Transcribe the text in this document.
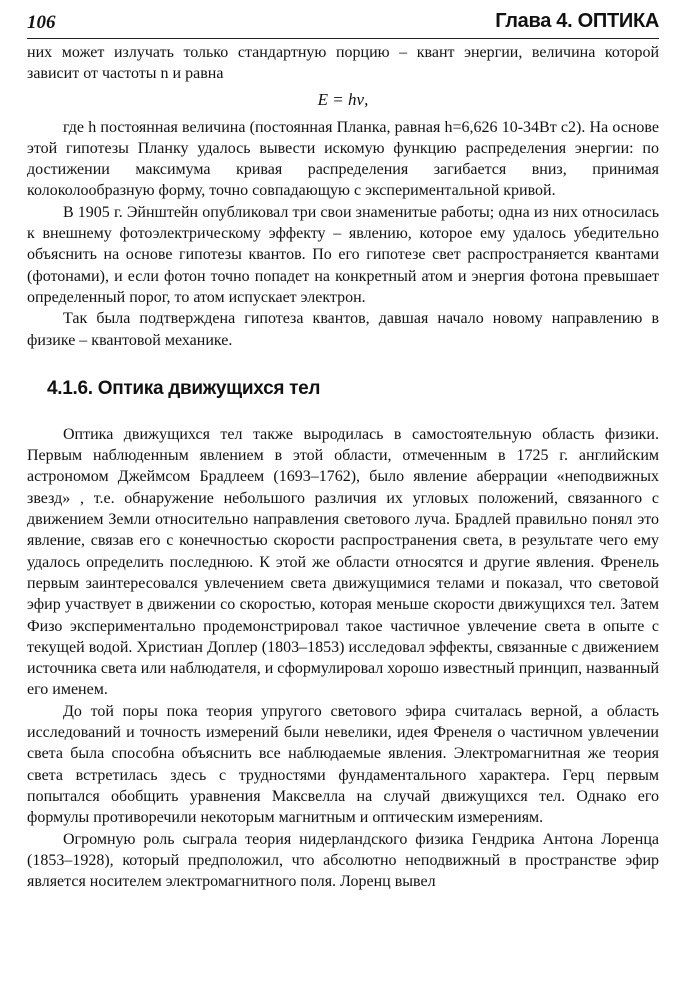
106	Глава 4. ОПТИКА

них может излучать только стандартную порцию – квант энергии, величина которой зависит от частоты n и равна

E = hν,

где h постоянная величина (постоянная Планка, равная h=6,626 10-34Вт с2). На основе этой гипотезы Планку удалось вывести искомую функцию распределения энергии: по достижении максимума кривая распределения загибается вниз, принимая колоколообразную форму, точно совпадающую с экспериментальной кривой.

В 1905 г. Эйнштейн опубликовал три свои знаменитые работы; одна из них относилась к внешнему фотоэлектрическому эффекту – явлению, которое ему удалось убедительно объяснить на основе гипотезы квантов. По его гипотезе свет распространяется квантами (фотонами), и если фотон точно попадет на конкретный атом и энергия фотона превышает определенный порог, то атом испускает электрон.

Так была подтверждена гипотеза квантов, давшая начало новому направлению в физике – квантовой механике.

4.1.6. Оптика движущихся тел

Оптика движущихся тел также выродилась в самостоятельную область физики. Первым наблюденным явлением в этой области, отмеченным в 1725 г. английским астрономом Джеймсом Брадлеем (1693–1762), было явление аберрации «неподвижных звезд» , т.е. обнаружение небольшого различия их угловых положений, связанного с движением Земли относительно направления светового луча. Брадлей правильно понял это явление, связав его с конечностью скорости распространения света, в результате чего ему удалось определить последнюю. К этой же области относятся и другие явления. Френель первым заинтересовался увлечением света движущимися телами и показал, что световой эфир участвует в движении со скоростью, которая меньше скорости движущихся тел. Затем Физо экспериментально продемонстрировал такое частичное увлечение света в опыте с текущей водой. Христиан Доплер (1803–1853) исследовал эффекты, связанные с движением источника света или наблюдателя, и сформулировал хорошо известный принцип, названный его именем.

До той поры пока теория упругого светового эфира считалась верной, а область исследований и точность измерений были невелики, идея Френеля о частичном увлечении света была способна объяснить все наблюдаемые явления. Электромагнитная же теория света встретилась здесь с трудностями фундаментального характера. Герц первым попытался обобщить уравнения Максвелла на случай движущихся тел. Однако его формулы противоречили некоторым магнитным и оптическим измерениям.

Огромную роль сыграла теория нидерландского физика Гендрика Антона Лоренца (1853–1928), который предположил, что абсолютно неподвижный в пространстве эфир является носителем электромагнитного поля. Лоренц вывел
